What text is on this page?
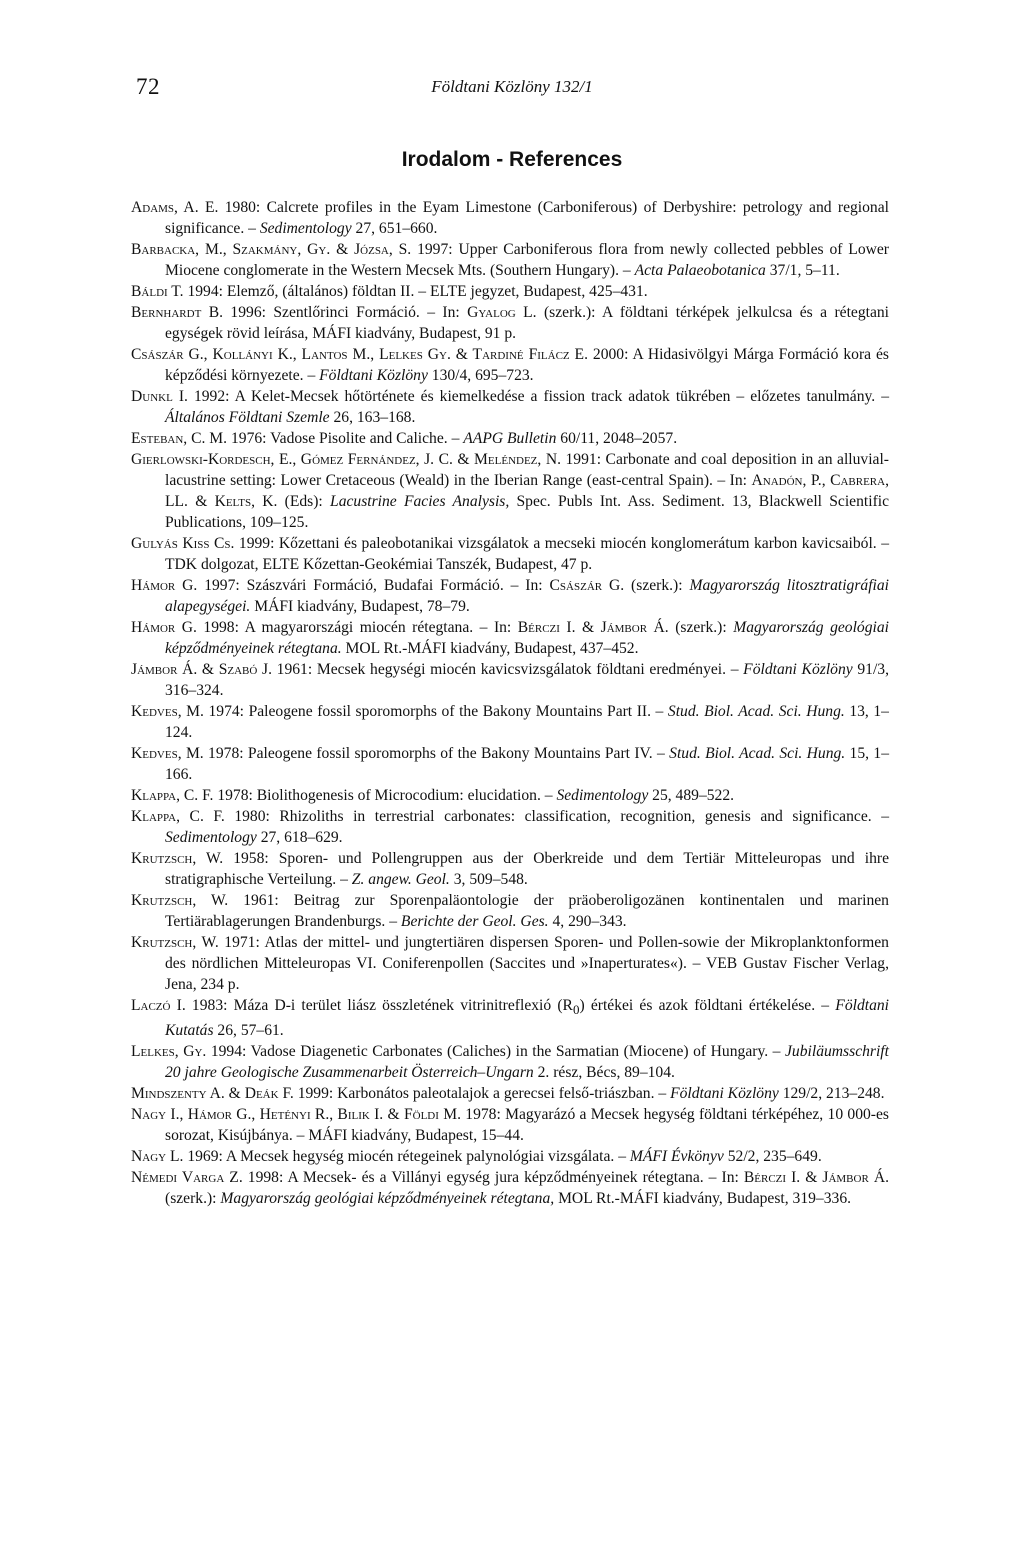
72	Földtani Közlöny 132/1
Irodalom - References
Adams, A. E. 1980: Calcrete profiles in the Eyam Limestone (Carboniferous) of Derbyshire: petrology and regional significance. – Sedimentology 27, 651–660.
Barbacka, M., Szakmány, Gy. & Józsa, S. 1997: Upper Carboniferous flora from newly collected pebbles of Lower Miocene conglomerate in the Western Mecsek Mts. (Southern Hungary). – Acta Palaeobotanica 37/1, 5–11.
Báldi T. 1994: Elemző, (általános) földtan II. – ELTE jegyzet, Budapest, 425–431.
Bernhardt B. 1996: Szentlőrinci Formáció. – In: Gyalog L. (szerk.): A földtani térképek jelkulcsa és a rétegtani egységek rövid leírása, MÁFI kiadvány, Budapest, 91 p.
Császár G., Kollányi K., Lantos M., Lelkes Gy. & Tardiné Filácz E. 2000: A Hidasivölgyi Márga Formáció kora és képződési környezete. – Földtani Közlöny 130/4, 695–723.
Dunkl I. 1992: A Kelet-Mecsek hőtörténete és kiemelkedése a fission track adatok tükrében – előzetes tanulmány. – Általános Földtani Szemle 26, 163–168.
Esteban, C. M. 1976: Vadose Pisolite and Caliche. – AAPG Bulletin 60/11, 2048–2057.
Gierlowski-Kordesch, E., Gómez Fernández, J. C. & Meléndez, N. 1991: Carbonate and coal deposition in an alluvial-lacustrine setting: Lower Cretaceous (Weald) in the Iberian Range (east-central Spain). – In: Anadón, P., Cabrera, LL. & Kelts, K. (Eds): Lacustrine Facies Analysis, Spec. Publs Int. Ass. Sediment. 13, Blackwell Scientific Publications, 109–125.
Gulyás Kiss Cs. 1999: Kőzettani és paleobotanikai vizsgálatok a mecseki miocén konglomerátum karbon kavicsaiból. – TDK dolgozat, ELTE Kőzettan-Geokémiai Tanszék, Budapest, 47 p.
Hámor G. 1997: Szászvári Formáció, Budafai Formáció. – In: Császár G. (szerk.): Magyarország litosztratigráfiai alapegységei. MÁFI kiadvány, Budapest, 78–79.
Hámor G. 1998: A magyarországi miocén rétegtana. – In: Bérczi I. & Jámbor Á. (szerk.): Magyarország geológiai képződményeinek rétegtana. MOL Rt.-MÁFI kiadvány, Budapest, 437–452.
Jámbor Á. & Szabó J. 1961: Mecsek hegységi miocén kavicsvizsgálatok földtani eredményei. – Földtani Közlöny 91/3, 316–324.
Kedves, M. 1974: Paleogene fossil sporomorphs of the Bakony Mountains Part II. – Stud. Biol. Acad. Sci. Hung. 13, 1–124.
Kedves, M. 1978: Paleogene fossil sporomorphs of the Bakony Mountains Part IV. – Stud. Biol. Acad. Sci. Hung. 15, 1–166.
Klappa, C. F. 1978: Biolithogenesis of Microcodium: elucidation. – Sedimentology 25, 489–522.
Klappa, C. F. 1980: Rhizoliths in terrestrial carbonates: classification, recognition, genesis and significance. – Sedimentology 27, 618–629.
Krutzsch, W. 1958: Sporen- und Pollengruppen aus der Oberkreide und dem Tertiär Mitteleuropas und ihre stratigraphische Verteilung. – Z. angew. Geol. 3, 509–548.
Krutzsch, W. 1961: Beitrag zur Sporenpaläontologie der präoberoligozänen kontinentalen und marinen Tertiärablagerungen Brandenburgs. – Berichte der Geol. Ges. 4, 290–343.
Krutzsch, W. 1971: Atlas der mittel- und jungtertiären dispersen Sporen- und Pollen-sowie der Mikroplanktonformen des nördlichen Mitteleuropas VI. Coniferenpollen (Saccites und »Inaperturates«). – VEB Gustav Fischer Verlag, Jena, 234 p.
Laczó I. 1983: Máza D-i terület liász összletének vitrinitreflexió $(R_0)$ értékei és azok földtani értékelése. – Földtani Kutatás 26, 57–61.
Lelkes, Gy. 1994: Vadose Diagenetic Carbonates (Caliches) in the Sarmatian (Miocene) of Hungary. – Jubiläumsschrift 20 jahre Geologische Zusammenarbeit Österreich–Ungarn 2. rész, Bécs, 89–104.
Mindszenty A. & Deák F. 1999: Karbonátos paleotalajok a gerecsei felső-triászban. – Földtani Közlöny 129/2, 213–248.
Nagy I., Hámor G., Hetényi R., Bilik I. & Földi M. 1978: Magyarázó a Mecsek hegység földtani térképéhez, 10 000-es sorozat, Kisújbánya. – MÁFI kiadvány, Budapest, 15–44.
Nagy L. 1969: A Mecsek hegység miocén rétegeinek palynológiai vizsgálata. – MÁFI Évkönyv 52/2, 235–649.
Némedi Varga Z. 1998: A Mecsek- és a Villányi egység jura képződményeinek rétegtana. – In: Bérczi I. & Jámbor Á. (szerk.): Magyarország geológiai képződményeinek rétegtana, MOL Rt.-MÁFI kiadvány, Budapest, 319–336.
